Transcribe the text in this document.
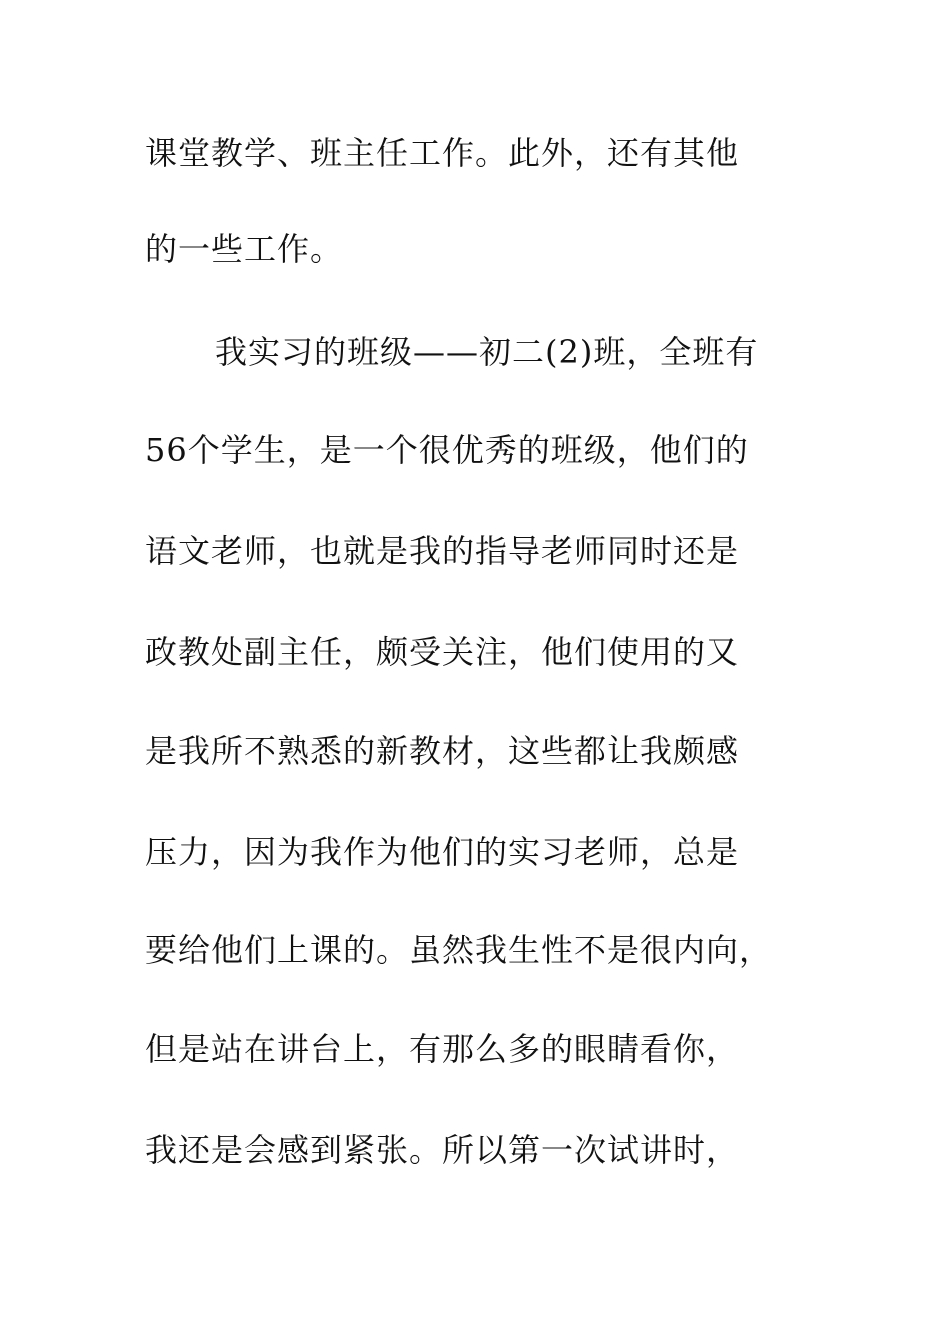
课堂教学、班主任工作。此外，还有其他
的一些工作。
我实习的班级——初二(2)班，全班有
56个学生，是一个很优秀的班级，他们的
语文老师，也就是我的指导老师同时还是
政教处副主任，颇受关注，他们使用的又
是我所不熟悉的新教材，这些都让我颇感
压力，因为我作为他们的实习老师，总是
要给他们上课的。虽然我生性不是很内向，
但是站在讲台上，有那么多的眼睛看你，
我还是会感到紧张。所以第一次试讲时，
